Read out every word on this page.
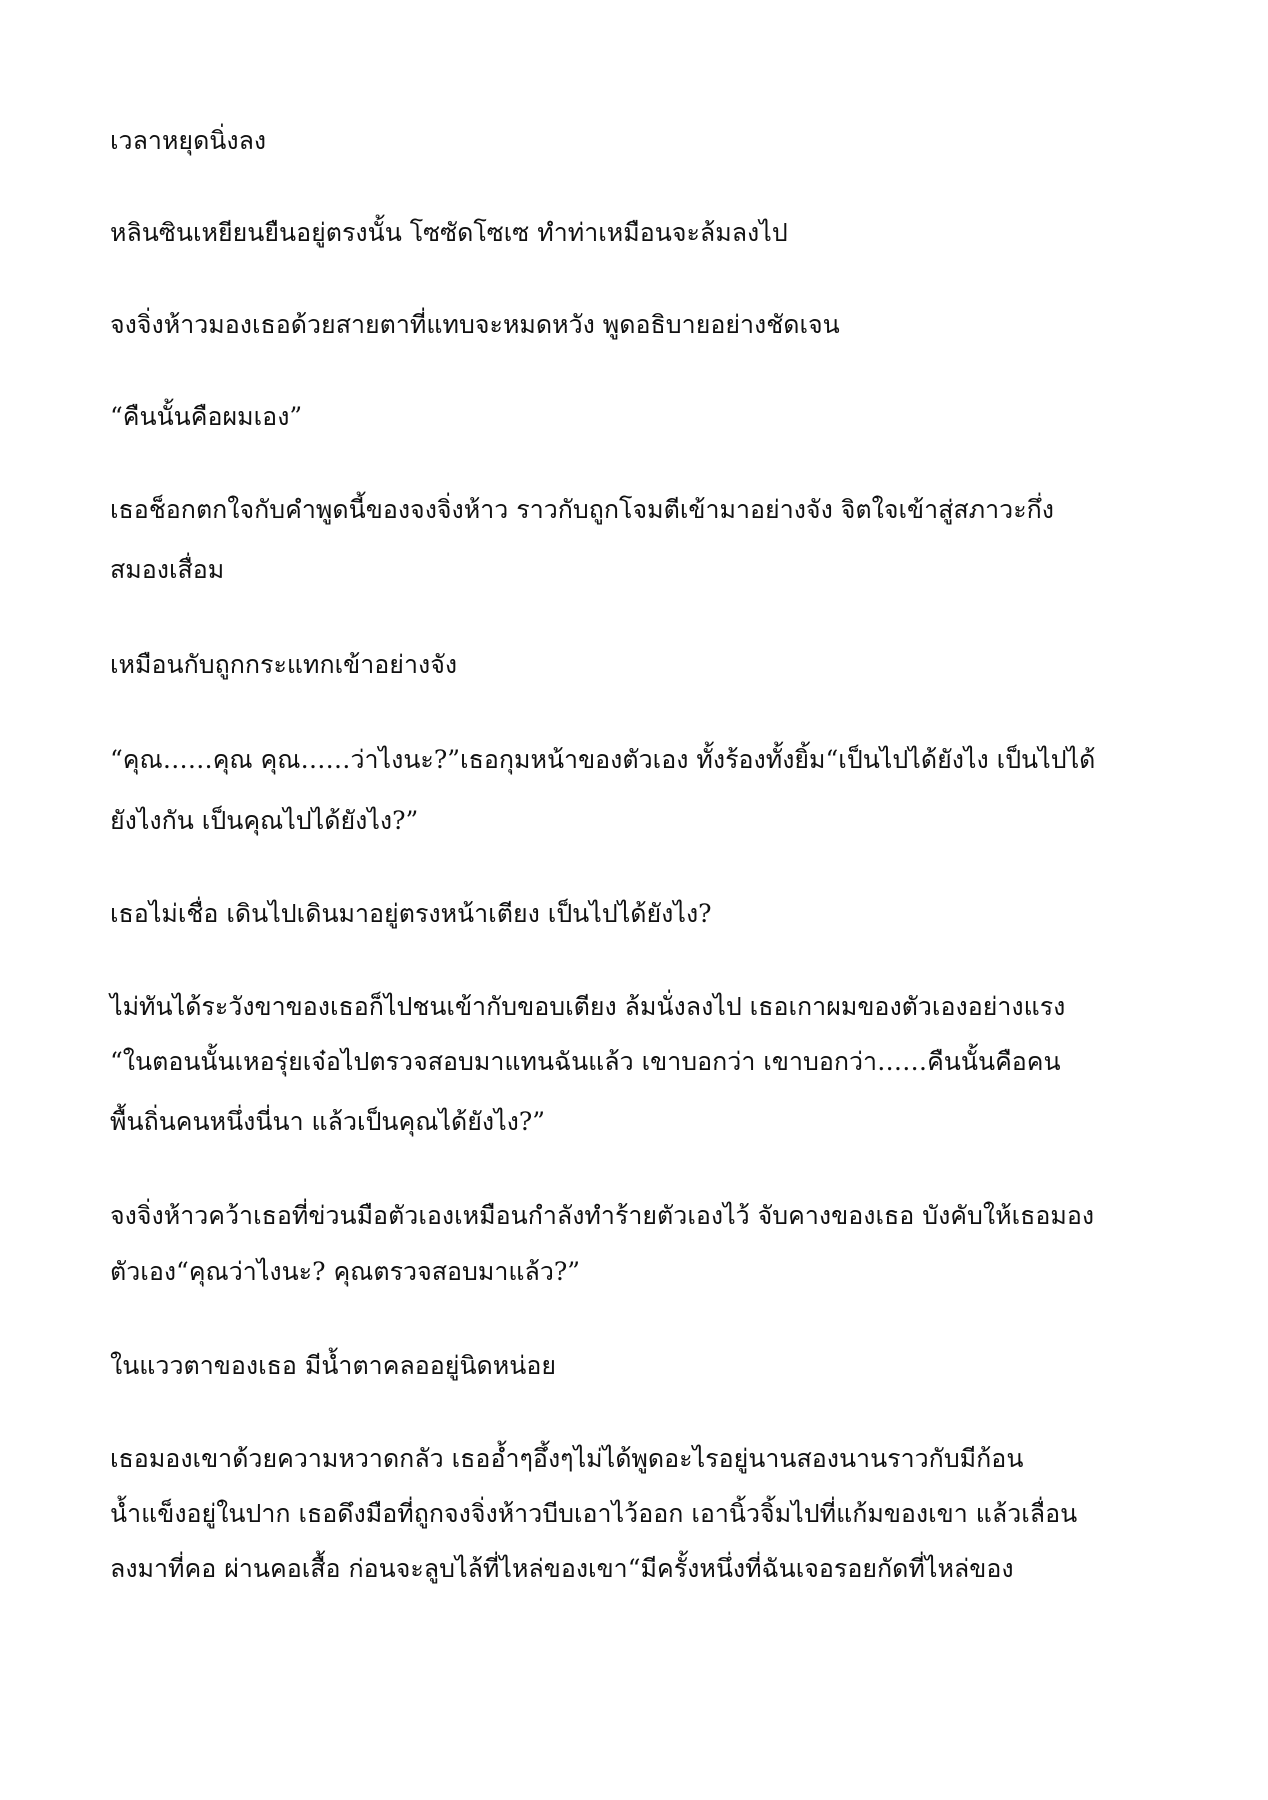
เวลาหยุดนิ่งลง
หลินซินเหยียนยืนอยู่ตรงนั้น โซซัดโซเซ ทำท่าเหมือนจะล้มลงไป
จงจิ่งห้าวมองเธอด้วยสายตาที่แทบจะหมดหวัง พูดอธิบายอย่างชัดเจน
“คืนนั้นคือผมเอง”
เธอช็อกตกใจกับคำพูดนี้ของจงจิ่งห้าว ราวกับถูกโจมตีเข้ามาอย่างจัง จิตใจเข้าสู่สภาวะกึ่ง
สมองเสื่อม
เหมือนกับถูกกระแทกเข้าอย่างจัง
“คุณ……คุณ คุณ……ว่าไงนะ?”เธอกุมหน้าของตัวเอง ทั้งร้องทั้งยิ้ม“เป็นไปได้ยังไง เป็นไปได้
ยังไงกัน เป็นคุณไปได้ยังไง?”
เธอไม่เชื่อ เดินไปเดินมาอยู่ตรงหน้าเตียง เป็นไปได้ยังไง?
ไม่ทันได้ระวังขาของเธอก็ไปชนเข้ากับขอบเตียง ล้มนั่งลงไป เธอเกาผมของตัวเองอย่างแรง
“ในตอนนั้นเหอรุ่ยเจ๋อไปตรวจสอบมาแทนฉันแล้ว เขาบอกว่า เขาบอกว่า……คืนนั้นคือคน
พื้นถิ่นคนหนึ่งนี่นา แล้วเป็นคุณได้ยังไง?”
จงจิ่งห้าวคว้าเธอที่ข่วนมือตัวเองเหมือนกำลังทำร้ายตัวเองไว้ จับคางของเธอ บังคับให้เธอมอง
ตัวเอง“คุณว่าไงนะ? คุณตรวจสอบมาแล้ว?”
ในแววตาของเธอ มีน้ำตาคลออยู่นิดหน่อย
เธอมองเขาด้วยความหวาดกลัว เธออ้ำๆอึ้งๆไม่ได้พูดอะไรอยู่นานสองนานราวกับมีก้อน
น้ำแข็งอยู่ในปาก เธอดึงมือที่ถูกจงจิ่งห้าวบีบเอาไว้ออก เอานิ้วจิ้มไปที่แก้มของเขา แล้วเลื่อน
ลงมาที่คอ ผ่านคอเสื้อ ก่อนจะลูบไล้ที่ไหล่ของเขา“มีครั้งหนึ่งที่ฉันเจอรอยกัดที่ไหล่ของ
